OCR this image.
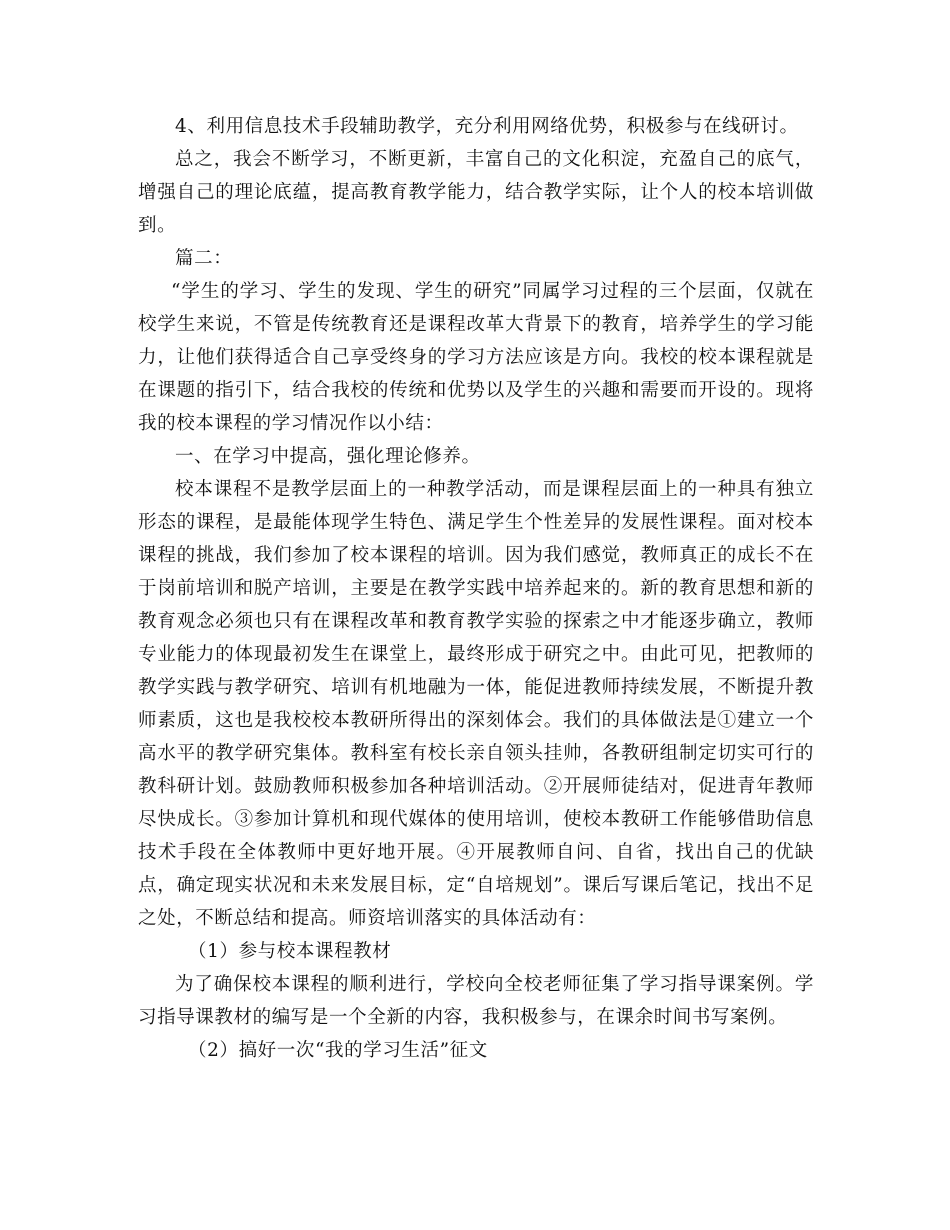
4、利用信息技术手段辅助教学，充分利用网络优势，积极参与在线研讨。

总之，我会不断学习，不断更新，丰富自己的文化积淀，充盈自己的底气，增强自己的理论底蕴，提高教育教学能力，结合教学实际，让个人的校本培训做到。

篇二：

“学生的学习、学生的发现、学生的研究”同属学习过程的三个层面，仅就在校学生来说，不管是传统教育还是课程改革大背景下的教育，培养学生的学习能力，让他们获得适合自己享受终身的学习方法应该是方向。我校的校本课程就是在课题的指引下，结合我校的传统和优势以及学生的兴趣和需要而开设的。现将我的校本课程的学习情况作以小结：

一、在学习中提高，强化理论修养。

校本课程不是教学层面上的一种教学活动，而是课程层面上的一种具有独立形态的课程，是最能体现学生特色、满足学生个性差异的发展性课程。面对校本课程的挑战，我们参加了校本课程的培训。因为我们感觉，教师真正的成长不在于岗前培训和脱产培训，主要是在教学实践中培养起来的。新的教育思想和新的教育观念必须也只有在课程改革和教育教学实验的探索之中才能逐步确立，教师专业能力的体现最初发生在课堂上，最终形成于研究之中。由此可见，把教师的教学实践与教学研究、培训有机地融为一体，能促进教师持续发展，不断提升教师素质，这也是我校校本教研所得出的深刻体会。我们的具体做法是①建立一个高水平的教学研究集体。教科室有校长亲自领头挂帅，各教研组制定切实可行的教科研计划。鼓励教师积极参加各种培训活动。②开展师徒结对，促进青年教师尽快成长。③参加计算机和现代媒体的使用培训，使校本教研工作能够借助信息技术手段在全体教师中更好地开展。④开展教师自问、自省，找出自己的优缺点，确定现实状况和未来发展目标，定“自培规划”。课后写课后笔记，找出不足之处，不断总结和提高。师资培训落实的具体活动有：

（1）参与校本课程教材

为了确保校本课程的顺利进行，学校向全校老师征集了学习指导课案例。学习指导课教材的编写是一个全新的内容，我积极参与，在课余时间书写案例。

（2）搞好一次“我的学习生活”征文
